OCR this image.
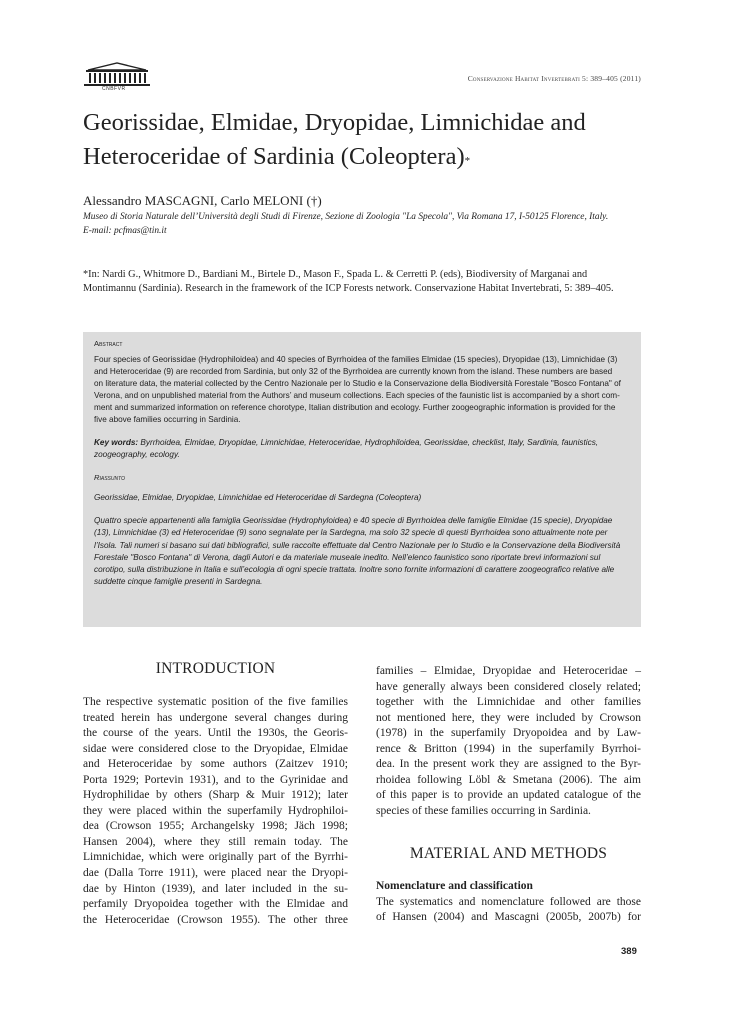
CNBFVR
Conservazione Habitat Invertebrati 5: 389–405 (2011)
Georissidae, Elmidae, Dryopidae, Limnichidae and
Heteroceridae of Sardinia (Coleoptera)*
Alessandro MASCAGNI, Carlo MELONI (†)
Museo di Storia Naturale dell’Università degli Studi di Firenze, Sezione di Zoologia "La Specola", Via Romana 17, I-50125 Florence, Italy.
E-mail: pcfmas@tin.it
*In: Nardi G., Whitmore D., Bardiani M., Birtele D., Mason F., Spada L. & Cerretti P. (eds), Biodiversity of Marganai and
Montimannu (Sardinia). Research in the framework of the ICP Forests network. Conservazione Habitat Invertebrati, 5: 389–405.
Abstract
Four species of Georissidae (Hydrophiloidea) and 40 species of Byrrhoidea of the families Elmidae (15 species), Dryopidae (13), Limnichidae (3)
and Heteroceridae (9) are recorded from Sardinia, but only 32 of the Byrrhoidea are currently known from the island. These numbers are based
on literature data, the material collected by the Centro Nazionale per lo Studio e la Conservazione della Biodiversità Forestale "Bosco Fontana" of
Verona, and on unpublished material from the Authors’ and museum collections. Each species of the faunistic list is accompanied by a short com-
ment and summarized information on reference chorotype, Italian distribution and ecology. Further zoogeographic information is provided for the
five above families occurring in Sardinia.
Key words: Byrrhoidea, Elmidae, Dryopidae, Limnichidae, Heteroceridae, Hydrophiloidea, Georissidae, checklist, Italy, Sardinia, faunistics,
zoogeography, ecology.
Riassunto
Georissidae, Elmidae, Dryopidae, Limnichidae ed Heteroceridae di Sardegna (Coleoptera)
Quattro specie appartenenti alla famiglia Georissidae (Hydrophyloidea) e 40 specie di Byrrhoidea delle famiglie Elmidae (15 specie), Dryopidae
(13), Limnichidae (3) ed Heteroceridae (9) sono segnalate per la Sardegna, ma solo 32 specie di questi Byrrhoidea sono attualmente note per
l’Isola. Tali numeri si basano sui dati bibliografici, sulle raccolte effettuate dal Centro Nazionale per lo Studio e la Conservazione della Biodiversità
Forestale "Bosco Fontana" di Verona, dagli Autori e da materiale museale inedito. Nell’elenco faunistico sono riportate brevi informazioni sul
corotipo, sulla distribuzione in Italia e sull’ecologia di ogni specie trattata. Inoltre sono fornite informazioni di carattere zoogeografico relative alle
suddette cinque famiglie presenti in Sardegna.
INTRODUCTION
The respective systematic position of the five families
treated herein has undergone several changes during
the course of the years. Until the 1930s, the Georis-
sidae were considered close to the Dryopidae, Elmidae
and Heteroceridae by some authors (Zaitzev 1910;
Porta 1929; Portevin 1931), and to the Gyrinidae and
Hydrophilidae by others (Sharp & Muir 1912); later
they were placed within the superfamily Hydrophiloi-
dea (Crowson 1955; Archangelsky 1998; Jäch 1998;
Hansen 2004), where they still remain today. The
Limnichidae, which were originally part of the Byrrhi-
dae (Dalla Torre 1911), were placed near the Dryopi-
dae by Hinton (1939), and later included in the su-
perfamily Dryopoidea together with the Elmidae and
the Heteroceridae (Crowson 1955). The other three
families – Elmidae, Dryopidae and Heteroceridae –
have generally always been considered closely related;
together with the Limnichidae and other families
not mentioned here, they were included by Crowson
(1978) in the superfamily Dryopoidea and by Law-
rence & Britton (1994) in the superfamily Byrrhoi-
dea. In the present work they are assigned to the Byr-
rhoidea following Löbl & Smetana (2006). The aim
of this paper is to provide an updated catalogue of the
species of these families occurring in Sardinia.
MATERIAL AND METHODS
Nomenclature and classification
The systematics and nomenclature followed are those
of Hansen (2004) and Mascagni (2005b, 2007b) for
389
